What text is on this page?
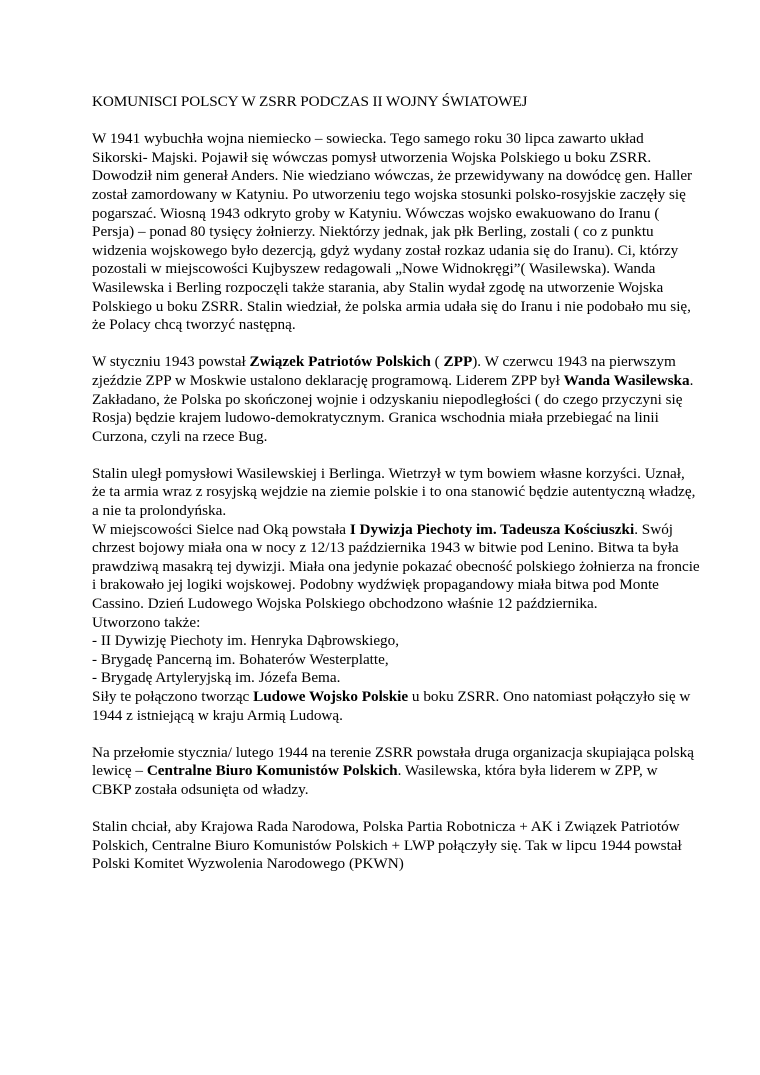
KOMUNISCI POLSCY W ZSRR PODCZAS II WOJNY ŚWIATOWEJ

W 1941 wybuchła wojna niemiecko – sowiecka. Tego samego roku 30 lipca zawarto układ Sikorski- Majski. Pojawił się wówczas pomysł utworzenia Wojska Polskiego u boku ZSRR. Dowodził nim generał Anders. Nie wiedziano wówczas, że przewidywany na dowódcę gen. Haller został zamordowany w Katyniu. Po utworzeniu tego wojska stosunki polsko-rosyjskie zaczęły się pogarszać. Wiosną 1943 odkryto groby w Katyniu. Wówczas wojsko ewakuowano do Iranu ( Persja) – ponad 80 tysięcy żołnierzy. Niektórzy jednak, jak płk Berling, zostali ( co z punktu widzenia wojskowego było dezercją, gdyż wydany został rozkaz udania się do Iranu). Ci, którzy pozostali w miejscowości Kujbyszew redagowali „Nowe Widnokręgi”( Wasilewska). Wanda Wasilewska i Berling rozpoczęli także starania, aby Stalin wydał zgodę na utworzenie Wojska Polskiego u boku ZSRR. Stalin wiedział, że polska armia udała się do Iranu i nie podobało mu się, że Polacy chcą tworzyć następną.

W styczniu 1943 powstał Związek Patriotów Polskich ( ZPP). W czerwcu 1943 na pierwszym zjeździe ZPP w Moskwie ustalono deklarację programową. Liderem ZPP był Wanda Wasilewska. Zakładano, że Polska po skończonej wojnie i odzyskaniu niepodległości ( do czego przyczyni się Rosja) będzie krajem ludowo-demokratycznym. Granica wschodnia miała przebiegać na linii Curzona, czyli na rzece Bug.

Stalin uległ pomysłowi Wasilewskiej i Berlinga. Wietrzył w tym bowiem własne korzyści. Uznał, że ta armia wraz z rosyjską wejdzie na ziemie polskie i to ona stanowić będzie autentyczną władzę, a nie ta prolondyńska.

W miejscowości Sielce nad Oką powstała I Dywizja Piechoty im. Tadeusza Kościuszki. Swój chrzest bojowy miała ona w nocy z 12/13 października 1943 w bitwie pod Lenino. Bitwa ta była prawdziwą masakrą tej dywizji. Miała ona jedynie pokazać obecność polskiego żołnierza na froncie i brakowało jej logiki wojskowej. Podobny wydźwięk propagandowy miała bitwa pod Monte Cassino. Dzień Ludowego Wojska Polskiego obchodzono właśnie 12 października.

Utworzono także:

- II Dywizję Piechoty im. Henryka Dąbrowskiego,

- Brygadę Pancerną im. Bohaterów Westerplatte,

- Brygadę Artyleryjską im. Józefa Bema.

Siły te połączono tworząc Ludowe Wojsko Polskie u boku ZSRR. Ono natomiast połączyło się w 1944 z istniejącą w kraju Armią Ludową.

Na przełomie stycznia/ lutego 1944 na terenie ZSRR powstała druga organizacja skupiająca polską lewicę – Centralne Biuro Komunistów Polskich. Wasilewska, która była liderem w ZPP, w CBKP została odsunięta od władzy.

Stalin chciał, aby Krajowa Rada Narodowa, Polska Partia Robotnicza + AK i Związek Patriotów Polskich, Centralne Biuro Komunistów Polskich + LWP połączyły się. Tak w lipcu 1944 powstał Polski Komitet Wyzwolenia Narodowego (PKWN)
